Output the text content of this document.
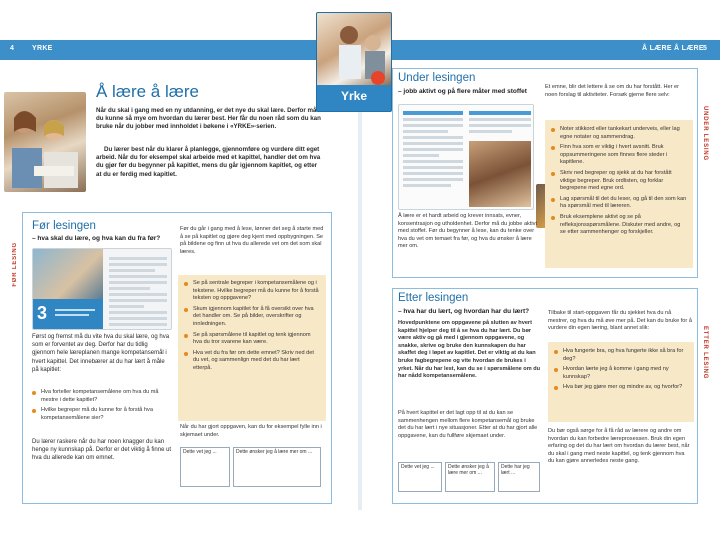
4	YRKE
Å lære å lære
Når du skal i gang med en ny utdanning, er det nye du skal lære. Derfor må du kunne så mye om hvordan du lærer best. Her får du noen råd som du kan bruke når du jobber med innholdet i bøkene i «YRKE»-serien.
Du lærer best når du klarer å planlegge, gjennomføre og vurdere ditt eget arbeid. Når du for eksempel skal arbeide med et kapittel, handler det om hva du gjør før du begynner på kapitlet, mens du går igjennom kapitlet, og etter at du er ferdig med kapitlet.
FØR LESING
Før lesingen
– hva skal du lære, og hva kan du fra før?
3
Først og fremst må du vite hva du skal lære, og hva som er forventet av deg. Derfor har du tidlig gjennom hele læreplanen mange kompetansemål i hvert kapittel. Det innebærer at du har lært å måle på kapitlet:
Hva forteller kompetansemålene om hva du må mestre i dette kapitlet?
Hvilke begreper må du kunne for å forstå hva kompetansemålene sier?
Du lærer raskere når du har noen knagger du kan henge ny kunnskap på. Derfor er det viktig å finne ut hva du allerede kan om emnet.
Før du går i gang med å lese, lønner det seg å starte med å se på kapitlet og gjøre deg kjent med oppbygningen. Se på bildene og finn ut hva du allerede vet om det som skal læres.
Se på sentrale begreper i kompetansemålene og i tekstene. Hvilke begreper må du kunne for å forstå teksten og oppgavene?
Skum igjennom kapitlet for å få oversikt over hva det handler om. Se på bilder, overskrifter og innledningen.
Se på spørsmålene til kapitlet og tenk igjennom hva du tror svarene kan være.
Hva vet du fra før om dette emnet? Skriv ned det du vet, og sammenlign med det du har lært etterpå.
Når du har gjort oppgaven, kan du for eksempel fylle inn i skjemaet under.
Dette vet jeg ...	Dette ønsker jeg å lære mer om ...
Å LÆRE Å LÆRE 5
Yrke
UNDER LESING
Under lesingen
– jobb aktivt og på flere måter med stoffet
Et emne, blir det lettere å se om du har forstått. Her er noen forslag til aktiviteter. Forsøk gjerne flere selv:
Noter stikkord eller tankekart underveis, eller lag egne notater og sammendrag.
Finn hva som er viktig i hvert avsnitt. Bruk oppsummeringene som finnes flere steder i kapitlene.
Skriv ned begreper og sjekk at du har forstått viktige begreper. Bruk ordlisten, og forklar begrepene med egne ord.
Lag spørsmål til det du leser, og gå til den som kan ha spørsmål med til læreren.
Bruk eksemplene aktivt og se på refleksjonsspørsmålene. Diskuter med andre, og se etter sammenhenger og forskjeller.
Å lære er et hardt arbeid og krever innsats, evner, konsentrasjon og utholdenhet. Derfor må du jobbe aktivt med stoffet. Før du begynner å lese, kan du tenke over hva du vet om temaet fra før, og hva du ønsker å lære mer om.
ETTER LESING
Etter lesingen
– hva har du lært, og hvordan har du lært?
Hovedpunktene om oppgavene på slutten av hvert kapittel hjelper deg til å se hva du har lært. Du bør være aktiv og gå med i gjennom oppgavene, og snakke, skrive og bruke den kunnskapen du har skaffet deg i løpet av kapitlet. Det er viktig at du kan bruke fagbegrepene og vite hvordan de brukes i yrket. Når du har lest, kan du se i spørsmålene om du har nådd kompetansemålene.
På hvert kapittel er det lagt opp til at du kan se sammenhengen mellom flere kompetansemål og bruke det du har lært i nye situasjoner. Etter at du har gjort alle oppgavene, kan du fullføre skjemaet under.
Dette vet jeg ...	Dette ønsker jeg å lære mer om ...
Dette har jeg lært ...
Tilbake til start-oppgaven får du sjekket hva du nå mestrer, og hva du må øve mer på. Det kan du bruke for å vurdere din egen læring, blant annet slik:
Hva fungerte bra, og hva fungerte ikke så bra for deg?
Hvordan lærte jeg å komme i gang med ny kunnskap?
Hva bør jeg gjøre mer og mindre av, og hvorfor?
Du bør også sørge for å få råd av lærere og andre om hvordan du kan forbedre læreprosessen. Bruk din egen erfaring og det du har lært om hvordan du lærer best, når du skal i gang med neste kapittel, og tenk gjennom hva du kan gjøre annerledes neste gang.
